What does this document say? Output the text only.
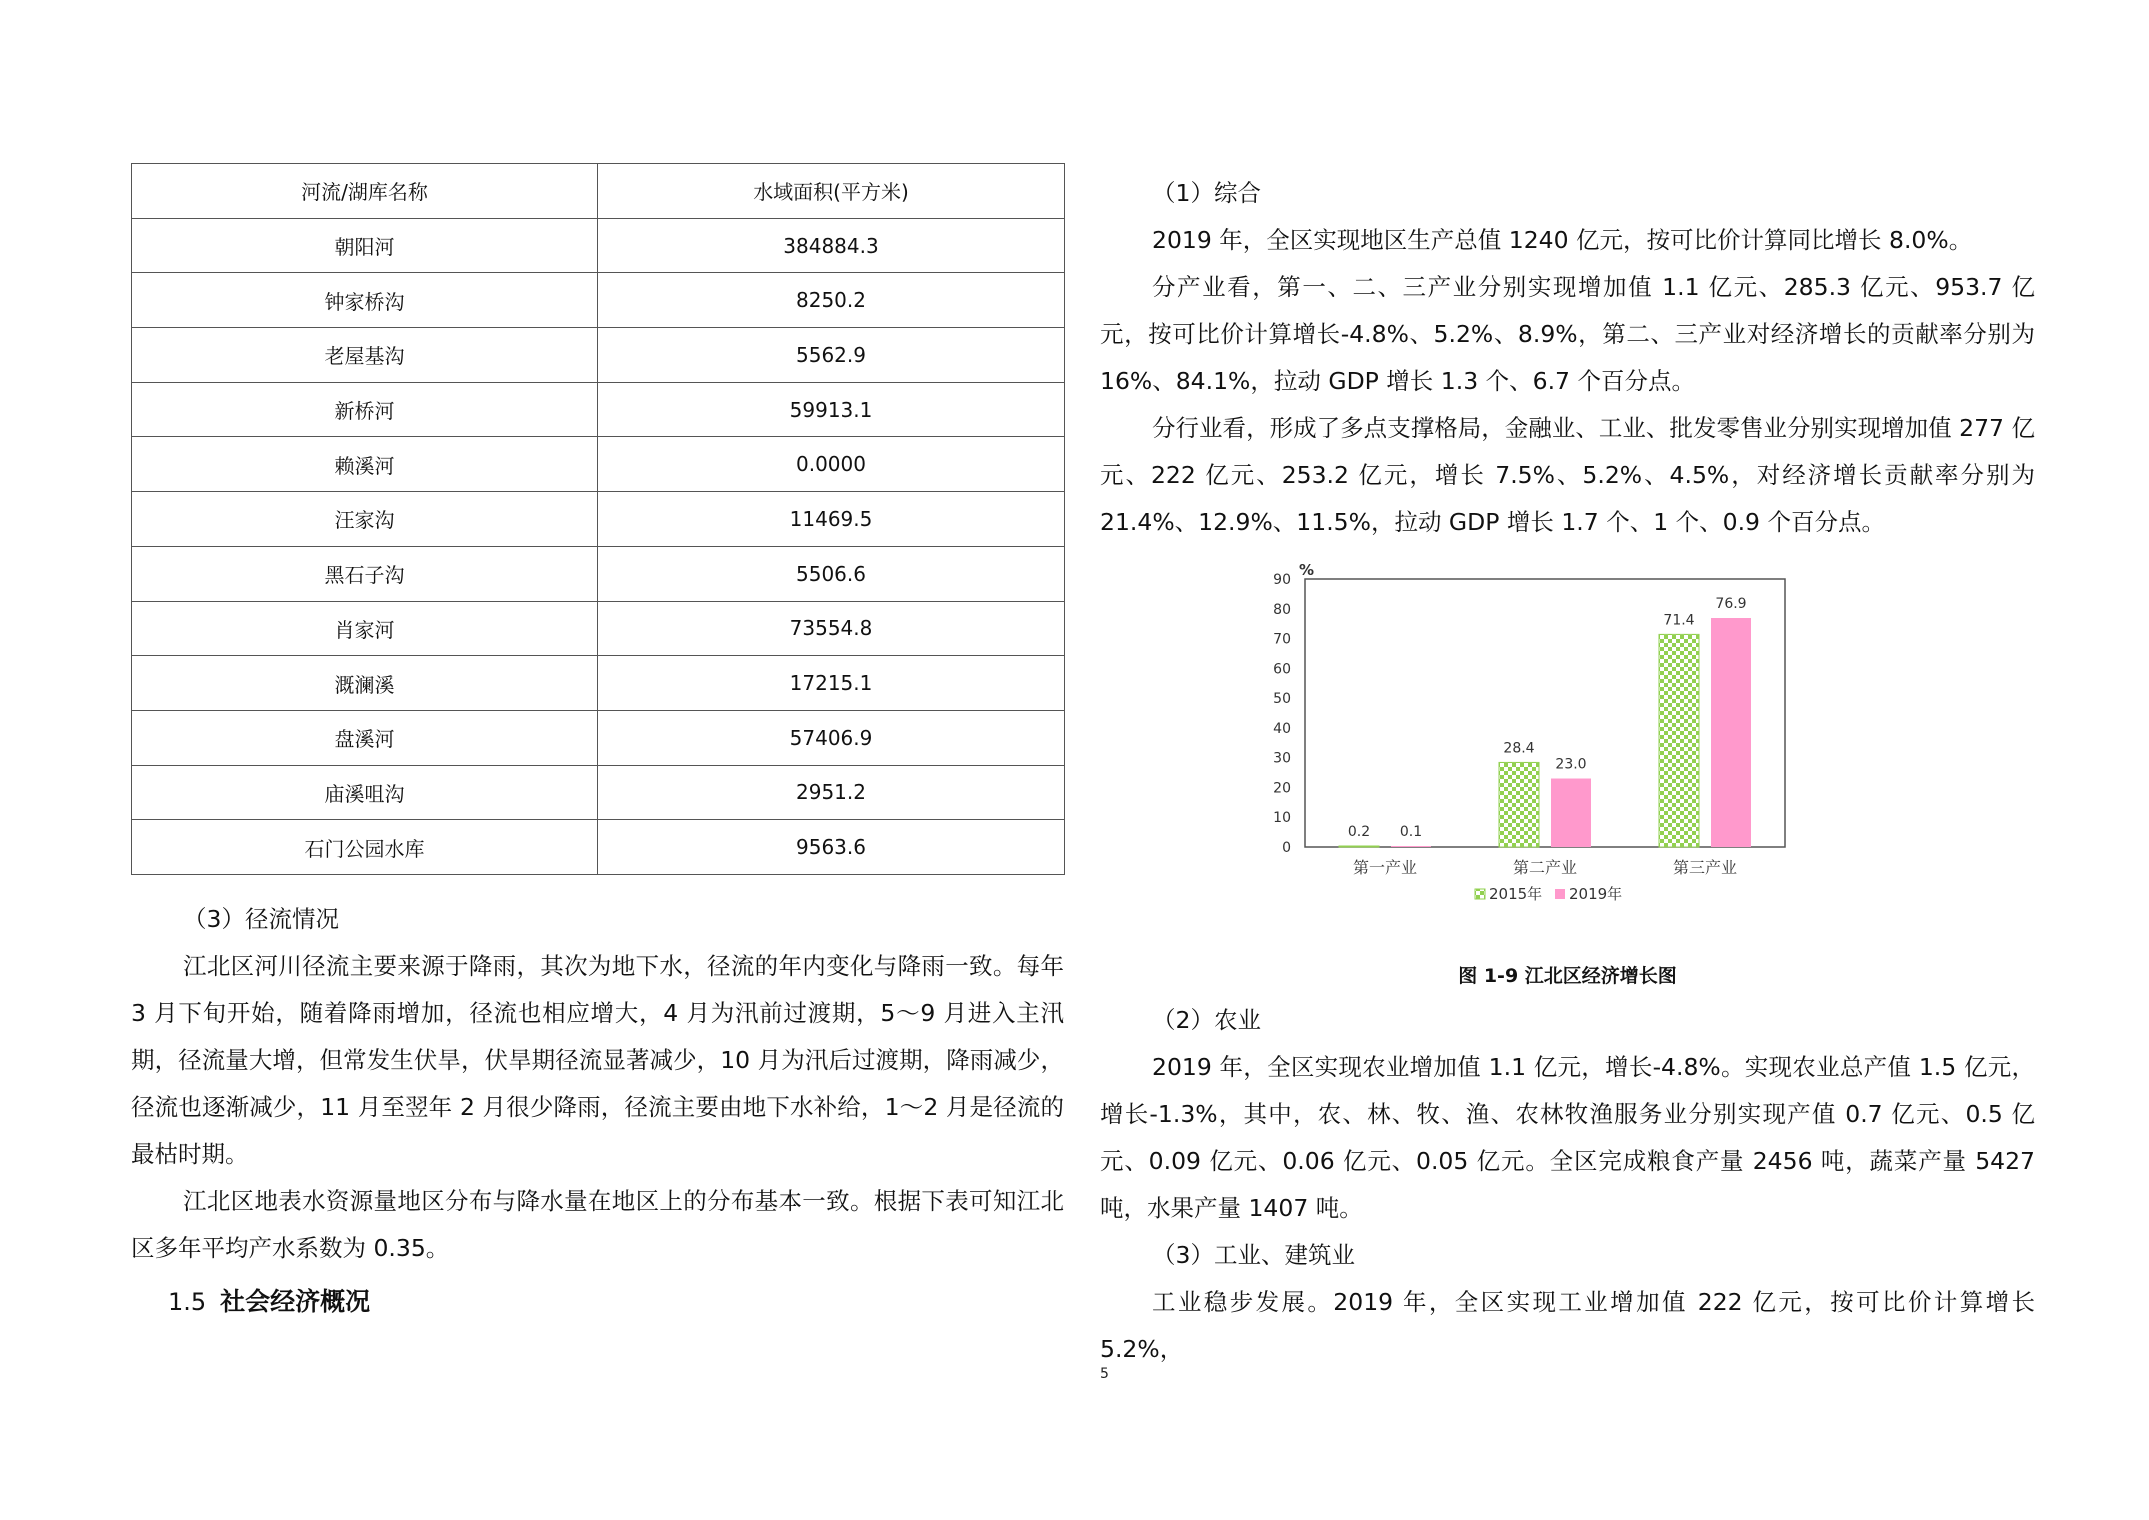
河流/湖库名称	水域面积(平方米)
朝阳河	384884.3
钟家桥沟	8250.2
老屋基沟	5562.9
新桥河	59913.1
赖溪河	0.0000
汪家沟	11469.5
黑石子沟	5506.6
肖家河	73554.8
溉澜溪	17215.1
盘溪河	57406.9
庙溪咀沟	2951.2
石门公园水库	9563.6

（3）径流情况

江北区河川径流主要来源于降雨，其次为地下水，径流的年内变化与降雨一致。每年 3 月下旬开始，随着降雨增加，径流也相应增大，4 月为汛前过渡期，5～9 月进入主汛期，径流量大增，但常发生伏旱，伏旱期径流显著减少，10 月为汛后过渡期，降雨减少，径流也逐渐减少，11 月至翌年 2 月很少降雨，径流主要由地下水补给，1～2 月是径流的最枯时期。

江北区地表水资源量地区分布与降水量在地区上的分布基本一致。根据下表可知江北区多年平均产水系数为 0.35。

1.5 社会经济概况

（1）综合

2019 年，全区实现地区生产总值 1240 亿元，按可比价计算同比增长 8.0%。

分产业看，第一、二、三产业分别实现增加值 1.1 亿元、285.3 亿元、953.7 亿元，按可比价计算增长-4.8%、5.2%、8.9%，第二、三产业对经济增长的贡献率分别为 16%、84.1%，拉动 GDP 增长 1.3 个、6.7 个百分点。

分行业看，形成了多点支撑格局，金融业、工业、批发零售业分别实现增加值 277 亿元、222 亿元、253.2 亿元，增长 7.5%、5.2%、4.5%，对经济增长贡献率分别为 21.4%、12.9%、11.5%，拉动 GDP 增长 1.7 个、1 个、0.9 个百分点。

0
10
20
30
40
50
60
70
80
90
%
0.2 0.1
第一产业
28.4
23.0
第二产业
71.4
76.9
第三产业
2015年 2019年

图 1-9 江北区经济增长图

（2）农业

2019 年，全区实现农业增加值 1.1 亿元，增长-4.8%。实现农业总产值 1.5 亿元，增长-1.3%，其中，农、林、牧、渔、农林牧渔服务业分别实现产值 0.7 亿元、0.5 亿元、0.09 亿元、0.06 亿元、0.05 亿元。全区完成粮食产量 2456 吨，蔬菜产量 5427 吨，水果产量 1407 吨。

（3）工业、建筑业

工业稳步发展。2019 年，全区实现工业增加值 222 亿元，按可比价计算增长 5.2%，

5
